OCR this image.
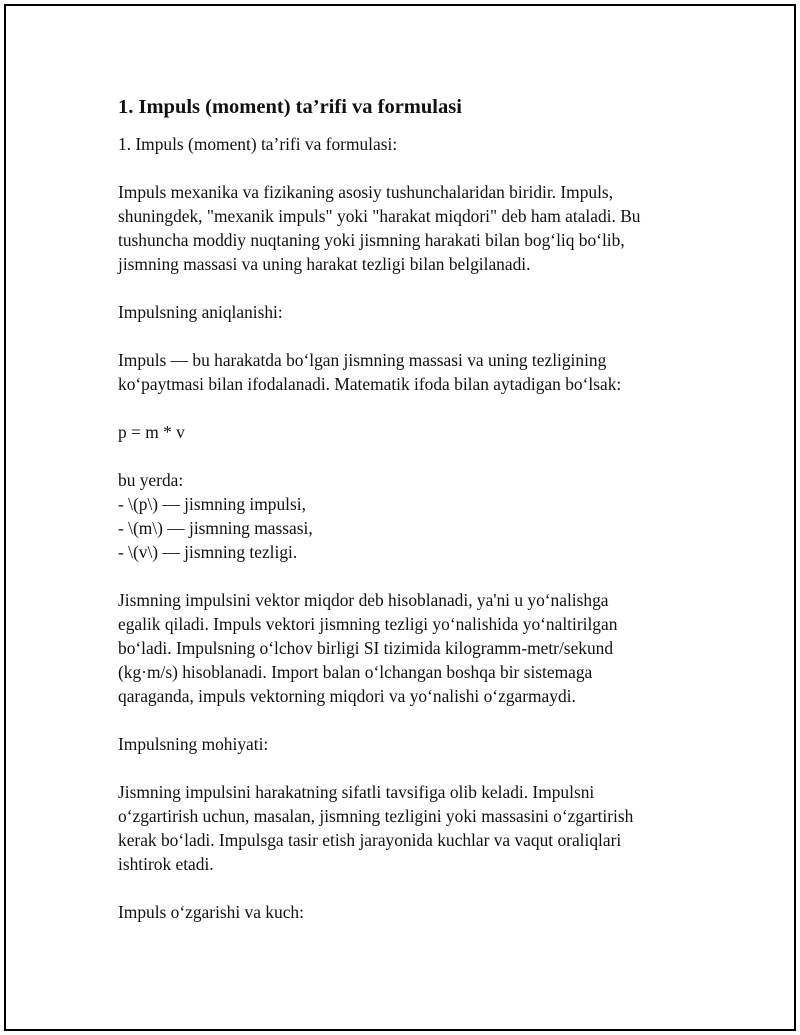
1. Impuls (moment) ta’rifi va formulasi

1. Impuls (moment) ta’rifi va formulasi:

Impuls mexanika va fizikaning asosiy tushunchalaridan biridir. Impuls,
shuningdek, "mexanik impuls" yoki "harakat miqdori" deb ham ataladi. Bu
tushuncha moddiy nuqtaning yoki jismning harakati bilan bog‘liq bo‘lib,
jismning massasi va uning harakat tezligi bilan belgilanadi.

Impulsning aniqlanishi:

Impuls — bu harakatda bo‘lgan jismning massasi va uning tezligining
ko‘paytmasi bilan ifodalanadi. Matematik ifoda bilan aytadigan bo‘lsak:

p = m * v

bu yerda:
- \(p\) — jismning impulsi,
- \(m\) — jismning massasi,
- \(v\) — jismning tezligi.

Jismning impulsini vektor miqdor deb hisoblanadi, ya'ni u yo‘nalishga
egalik qiladi. Impuls vektori jismning tezligi yo‘nalishida yo‘naltirilgan
bo‘ladi. Impulsning o‘lchov birligi SI tizimida kilogramm-metr/sekund
(kg·m/s) hisoblanadi. Import balan o‘lchangan boshqa bir sistemaga
qaraganda, impuls vektorning miqdori va yo‘nalishi o‘zgarmaydi.

Impulsning mohiyati:

Jismning impulsini harakatning sifatli tavsifiga olib keladi. Impulsni
o‘zgartirish uchun, masalan, jismning tezligini yoki massasini o‘zgartirish
kerak bo‘ladi. Impulsga tasir etish jarayonida kuchlar va vaqut oraliqlari
ishtirok etadi.

Impuls o‘zgarishi va kuch:
